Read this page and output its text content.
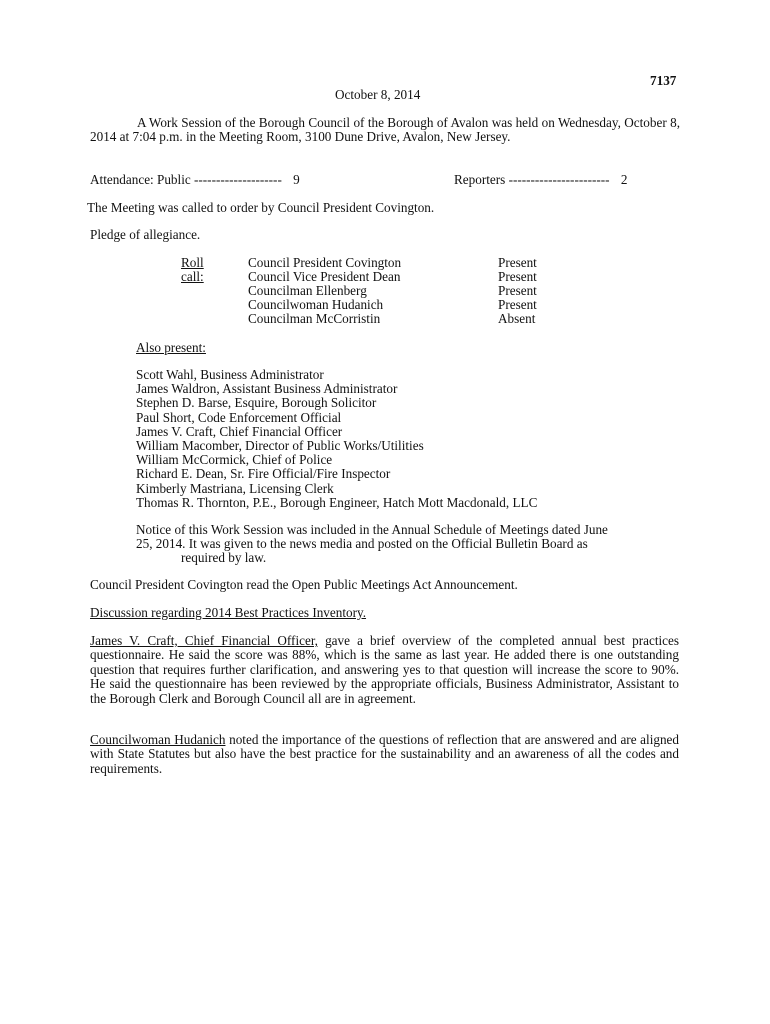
7137
October 8, 2014
A Work Session of the Borough Council of the Borough of Avalon was held on Wednesday, October 8, 2014 at 7:04 p.m. in the Meeting Room, 3100 Dune Drive, Avalon, New Jersey.
Attendance: Public -------------------- 9	Reporters ----------------------- 2
The Meeting was called to order by Council President Covington.
Pledge of allegiance.
Roll call:
Council President Covington
Council Vice President Dean
Councilman Ellenberg
Councilwoman Hudanich
Councilman McCorristin
Present
Present
Present
Present
Absent
Also present:
Scott Wahl, Business Administrator
James Waldron, Assistant Business Administrator
Stephen D. Barse, Esquire, Borough Solicitor
Paul Short, Code Enforcement Official
James V. Craft, Chief Financial Officer
William Macomber, Director of Public Works/Utilities
William McCormick, Chief of Police
Richard E. Dean, Sr. Fire Official/Fire Inspector
Kimberly Mastriana, Licensing Clerk
Thomas R. Thornton, P.E., Borough Engineer, Hatch Mott Macdonald, LLC
Notice of this Work Session was included in the Annual Schedule of Meetings dated June
25, 2014. It was given to the news media and posted on the Official Bulletin Board as
required by law.
Council President Covington read the Open Public Meetings Act Announcement.
Discussion regarding 2014 Best Practices Inventory.
James V. Craft, Chief Financial Officer, gave a brief overview of the completed annual best practices questionnaire. He said the score was 88%, which is the same as last year. He added there is one outstanding question that requires further clarification, and answering yes to that question will increase the score to 90%. He said the questionnaire has been reviewed by the appropriate officials, Business Administrator, Assistant to the Borough Clerk and Borough Council all are in agreement.
Councilwoman Hudanich noted the importance of the questions of reflection that are answered and are aligned with State Statutes but also have the best practice for the sustainability and an awareness of all the codes and requirements.
